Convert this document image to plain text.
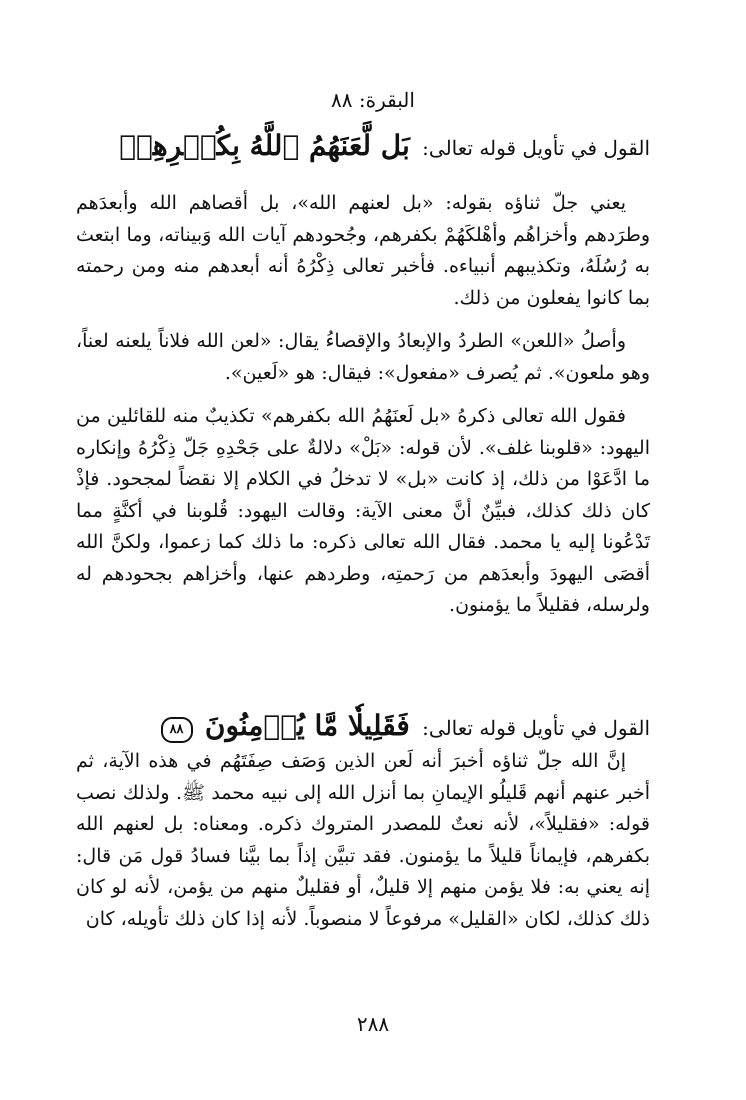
البقرة: ٨٨
القول في تأويل قوله تعالى: بَل لَّعَنَهُمُ ٱللَّهُ بِكُفۡرِهِمۡ

يعني جلّ ثناؤه بقوله: «بل لعنهم الله»، بل أقصاهم الله وأبعدَهم وطرَدهم وأخزاهُم وأهْلكَهُمْ بكفرهم، وجُحودهم آيات الله وَبيناته، وما ابتعث به رُسُلَهُ، وتكذيبهم أنبياءه. فأخبر تعالى ذِكْرُهُ أنه أبعدهم منه ومن رحمته بما كانوا يفعلون من ذلك.

وأصلُ «اللعن» الطردُ والإبعادُ والإقصاءُ يقال: «لعن الله فلاناً يلعنه لعناً، وهو ملعون». ثم يُصرف «مفعول»: فيقال: هو «لَعين».

فقول الله تعالى ذكرهُ «بل لَعنَهُمُ الله بكفرهم» تكذيبٌ منه للقائلين من اليهود: «قلوبنا غلف». لأن قوله: «بَلْ» دلالةٌ على جَحْدِهِ جَلّ ذِكْرُهُ وإنكاره ما ادَّعَوْا من ذلك، إذ كانت «بل» لا تدخلُ في الكلام إلا نقضاً لمجحود. فإذْ كان ذلك كذلك، فبيِّنٌ أنَّ معنى الآية: وقالت اليهود: قُلوبنا في أكنَّةٍ مما تَدْعُونا إليه يا محمد. فقال الله تعالى ذكره: ما ذلك كما زعموا، ولكنَّ الله أقصَى اليهودَ وأبعدَهم من رَحمتِه، وطردهم عنها، وأخزاهم بجحودهم له ولرسله، فقليلاً ما يؤمنون.

القول في تأويل قوله تعالى: فَقَلِيلٗا مَّا يُؤۡمِنُونَ ٨٨

إنَّ الله جلّ ثناؤه أخبرَ أنه لَعن الذين وَصَف صِفَتَهُم في هذه الآية، ثم أخبر عنهم أنهم قَليلُو الإيمانِ بما أنزل الله إلى نبيه محمد ﷺ. ولذلك نصب قوله: «فقليلاً»، لأنه نعتٌ للمصدر المتروك ذكره. ومعناه: بل لعنهم الله بكفرهم، فإيماناً قليلاً ما يؤمنون. فقد تبيَّن إذاً بما بيَّنا فسادُ قول مَن قال: إنه يعني به: فلا يؤمن منهم إلا قليلٌ، أو فقليلٌ منهم من يؤمن، لأنه لو كان ذلك كذلك، لكان «القليل» مرفوعاً لا منصوباً. لأنه إذا كان ذلك تأويله، كان

٢٨٨
